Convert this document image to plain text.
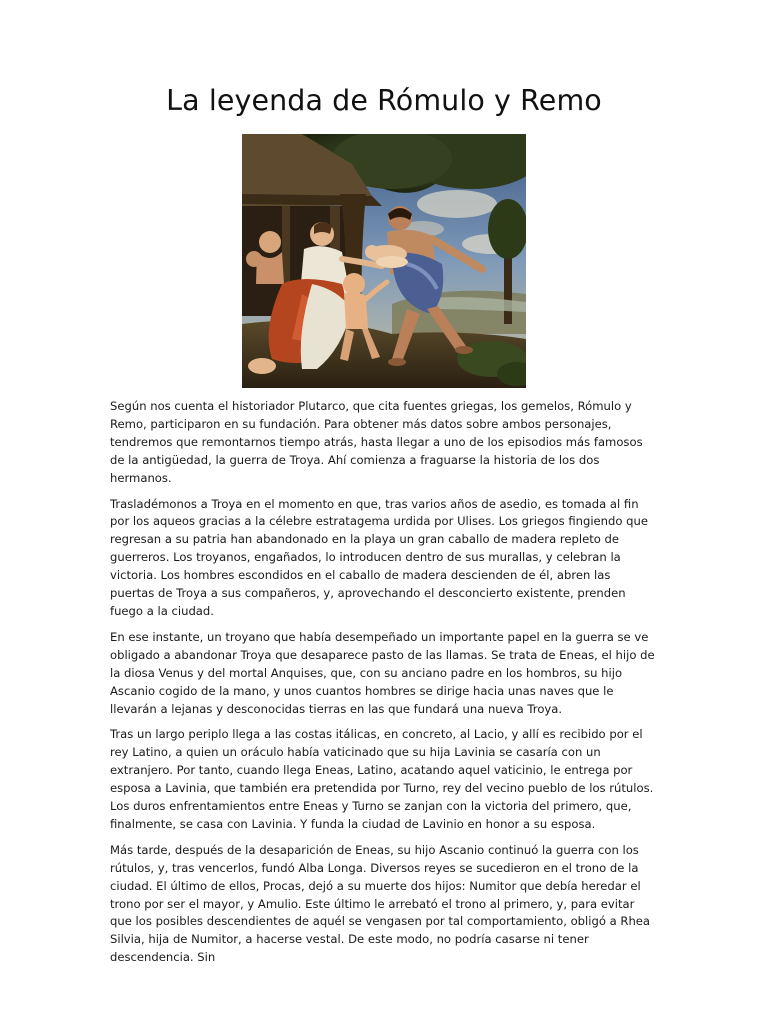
La leyenda de Rómulo y Remo

Según nos cuenta el historiador Plutarco, que cita fuentes griegas, los gemelos, Rómulo y Remo, participaron en su fundación. Para obtener más datos sobre ambos personajes, tendremos que remontarnos tiempo atrás, hasta llegar a uno de los episodios más famosos de la antigüedad, la guerra de Troya. Ahí comienza a fraguarse la historia de los dos hermanos.

Trasladémonos a Troya en el momento en que, tras varios años de asedio, es tomada al fin por los aqueos gracias a la célebre estratagema urdida por Ulises. Los griegos fingiendo que regresan a su patria han abandonado en la playa un gran caballo de madera repleto de guerreros. Los troyanos, engañados, lo introducen dentro de sus murallas, y celebran la victoria. Los hombres escondidos en el caballo de madera descienden de él, abren las puertas de Troya a sus compañeros, y, aprovechando el desconcierto existente, prenden fuego a la ciudad.

En ese instante, un troyano que había desempeñado un importante papel en la guerra se ve obligado a abandonar Troya que desaparece pasto de las llamas. Se trata de Eneas, el hijo de la diosa Venus y del mortal Anquises, que, con su anciano padre en los hombros, su hijo Ascanio cogido de la mano, y unos cuantos hombres se dirige hacia unas naves que le llevarán a lejanas y desconocidas tierras en las que fundará una nueva Troya.

Tras un largo periplo llega a las costas itálicas, en concreto, al Lacio, y allí es recibido por el rey Latino, a quien un oráculo había vaticinado que su hija Lavinia se casaría con un extranjero. Por tanto, cuando llega Eneas, Latino, acatando aquel vaticinio, le entrega por esposa a Lavinia, que también era pretendida por Turno, rey del vecino pueblo de los rútulos. Los duros enfrentamientos entre Eneas y Turno se zanjan con la victoria del primero, que, finalmente, se casa con Lavinia. Y funda la ciudad de Lavinio en honor a su esposa.

Más tarde, después de la desaparición de Eneas, su hijo Ascanio continuó la guerra con los rútulos, y, tras vencerlos, fundó Alba Longa. Diversos reyes se sucedieron en el trono de la ciudad. El último de ellos, Procas, dejó a su muerte dos hijos: Numitor que debía heredar el trono por ser el mayor, y Amulio. Este último le arrebató el trono al primero, y, para evitar que los posibles descendientes de aquél se vengasen por tal comportamiento, obligó a Rhea Silvia, hija de Numitor, a hacerse vestal. De este modo, no podría casarse ni tener descendencia. Sin
